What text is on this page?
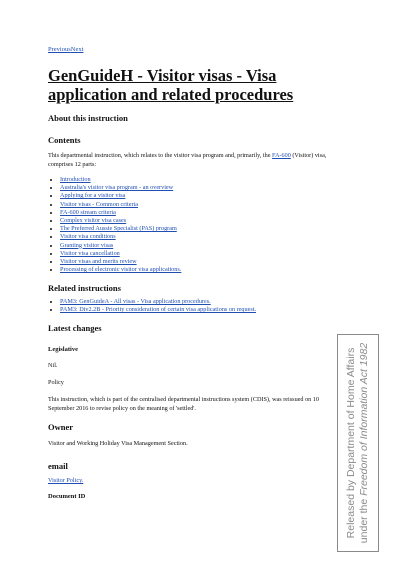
PreviousNext
GenGuideH - Visitor visas - Visa application and related procedures
About this instruction
Contents

This departmental instruction, which relates to the visitor visa program and, primarily, the FA-600 (Visitor) visa, comprises 12 parts:

• Introduction
• Australia's visitor visa program - an overview
• Applying for a visitor visa
• Visitor visas - Common criteria
• FA-600 stream criteria
• Complex visitor visa cases
• The Preferred Aussie Specialist (PAS) program
• Visitor visa conditions
• Granting visitor visas
• Visitor visa cancellation
• Visitor visas and merits review
• Processing of electronic visitor visa applications.
Related instructions
• PAM3: GenGuideA - All visas - Visa application procedures.
• PAM3: Div2.2B - Priority consideration of certain visa applications on request.
Latest changes
Legislative

Nil.

Policy

This instruction, which is part of the centralised departmental instructions system (CDIS), was reissued on 10 September 2016 to revise policy on the meaning of 'settled'.

Owner

Visitor and Working Holiday Visa Management Section.

email

Visitor Policy.

Document ID	Released by Department of Home Affairs under the Freedom of Information Act 1982
